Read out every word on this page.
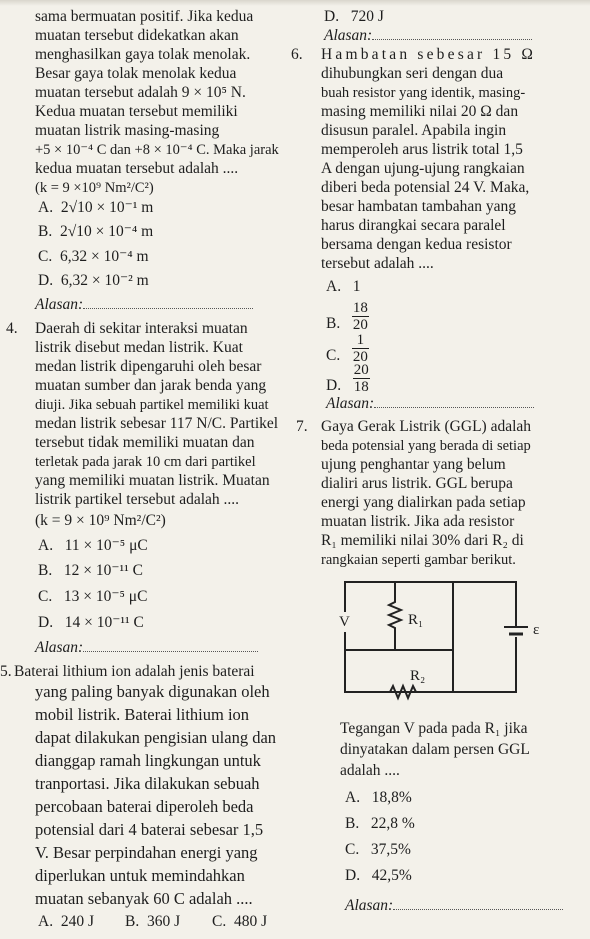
sama bermuatan positif. Jika kedua
muatan tersebut didekatkan akan
menghasilkan gaya tolak menolak.
Besar gaya tolak menolak kedua
muatan tersebut adalah 9 × 10⁵ N.
Kedua muatan tersebut memiliki
muatan listrik masing-masing
+5 × 10⁻⁴ C dan +8 × 10⁻⁴ C. Maka jarak
kedua muatan tersebut adalah ....
(k = 9 ×10⁹ Nm²/C²)
A. 2√10 × 10⁻¹ m
B. 2√10 × 10⁻⁴ m
C. 6,32 × 10⁻⁴ m
D. 6,32 × 10⁻² m
Alasan:
4. Daerah di sekitar interaksi muatan
listrik disebut medan listrik. Kuat
medan listrik dipengaruhi oleh besar
muatan sumber dan jarak benda yang
diuji. Jika sebuah partikel memiliki kuat
medan listrik sebesar 117 N/C. Partikel
tersebut tidak memiliki muatan dan
terletak pada jarak 10 cm dari partikel
yang memiliki muatan listrik. Muatan
listrik partikel tersebut adalah ....
(k = 9 × 10⁹ Nm²/C²)
A. 11 × 10⁻⁵ μC
B. 12 × 10⁻¹¹ C
C. 13 × 10⁻⁵ μC
D. 14 × 10⁻¹¹ C
Alasan:
5. Baterai lithium ion adalah jenis baterai
yang paling banyak digunakan oleh
mobil listrik. Baterai lithium ion
dapat dilakukan pengisian ulang dan
dianggap ramah lingkungan untuk
tranportasi. Jika dilakukan sebuah
percobaan baterai diperoleh beda
potensial dari 4 baterai sebesar 1,5
V. Besar perpindahan energi yang
diperlukan untuk memindahkan
muatan sebanyak 60 C adalah ....
D. 720 J
Alasan:
6. Hambatan sebesar 15 Ω
dihubungkan seri dengan dua
buah resistor yang identik, masing-
masing memiliki nilai 20 Ω dan
disusun paralel. Apabila ingin
memperoleh arus listrik total 1,5
A dengan ujung-ujung rangkaian
diberi beda potensial 24 V. Maka,
besar hambatan tambahan yang
harus dirangkai secara paralel
bersama dengan kedua resistor
tersebut adalah ....
A. 1
B. $\frac{18}{20}$
C. $\frac{1}{20}$
D. $\frac{20}{18}$
Alasan:
7. Gaya Gerak Listrik (GGL) adalah
beda potensial yang berada di setiap
ujung penghantar yang belum
dialiri arus listrik. GGL berupa
energi yang dialirkan pada setiap
muatan listrik. Jika ada resistor
R₁ memiliki nilai 30% dari R₂ di
rangkaian seperti gambar berikut.
V	R₁
R₂
ε
Tegangan V pada pada R₁ jika
dinyatakan dalam persen GGL
adalah ....
A. 18,8%
B. 22,8 %
C. 37,5%
D. 42,5%
Alasan:
A.  240 J B.  360 J C.  480 J
